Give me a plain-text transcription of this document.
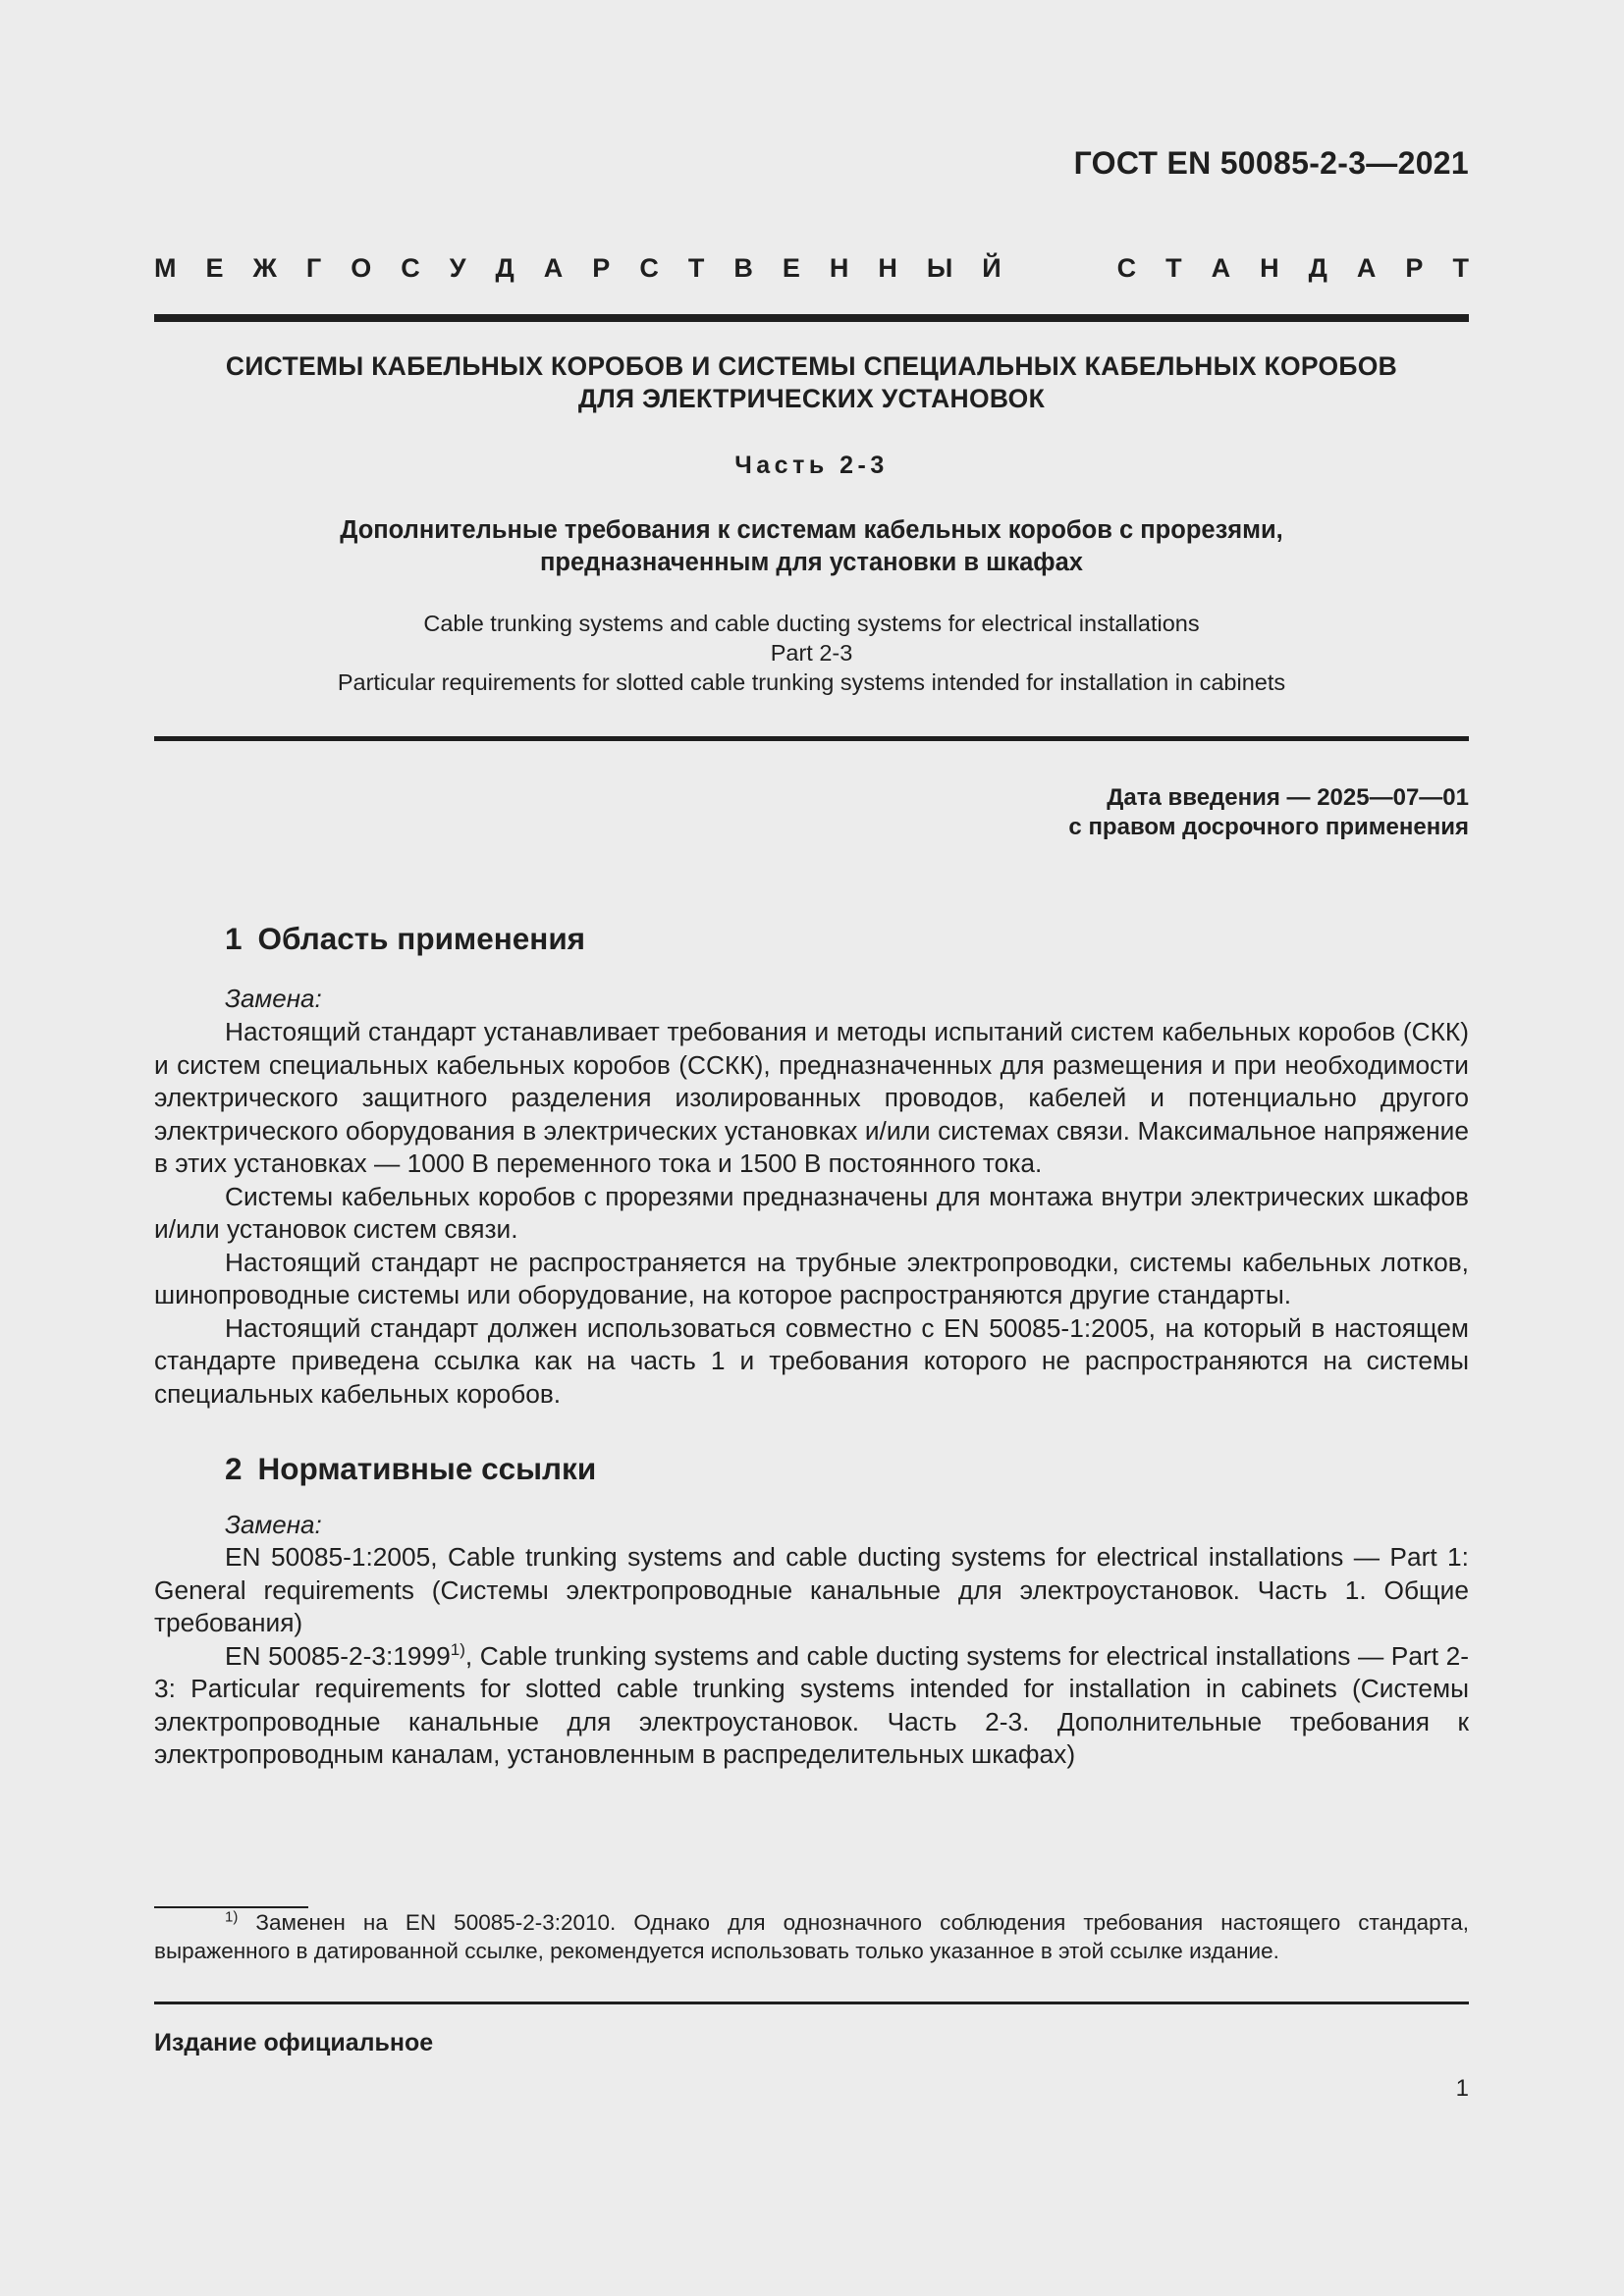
ГОСТ EN 50085-2-3—2021
М Е Ж Г О С У Д А Р С Т В Е Н Н Ы Й	С Т А Н Д А Р Т
СИСТЕМЫ КАБЕЛЬНЫХ КОРОБОВ И СИСТЕМЫ СПЕЦИАЛЬНЫХ КАБЕЛЬНЫХ КОРОБОВ
ДЛЯ ЭЛЕКТРИЧЕСКИХ УСТАНОВОК
Часть 2-3
Дополнительные требования к системам кабельных коробов с прорезями,
предназначенным для установки в шкафах
Cable trunking systems and cable ducting systems for electrical installations
Part 2-3
Particular requirements for slotted cable trunking systems intended for installation in cabinets
Дата введения — 2025—07—01
с правом досрочного применения
1 Область применения
Замена:

Настоящий стандарт устанавливает требования и методы испытаний систем кабельных коробов (СКК) и систем специальных кабельных коробов (ССКК), предназначенных для размещения и при необходимости электрического защитного разделения изолированных проводов, кабелей и потенциально другого электрического оборудования в электрических установках и/или системах связи. Максимальное напряжение в этих установках — 1000 В переменного тока и 1500 В постоянного тока.

Системы кабельных коробов с прорезями предназначены для монтажа внутри электрических шкафов и/или установок систем связи.

Настоящий стандарт не распространяется на трубные электропроводки, системы кабельных лотков, шинопроводные системы или оборудование, на которое распространяются другие стандарты.

Настоящий стандарт должен использоваться совместно с EN 50085-1:2005, на который в настоящем стандарте приведена ссылка как на часть 1 и требования которого не распространяются на системы специальных кабельных коробов.

2 Нормативные ссылки
Замена:

EN 50085-1:2005, Cable trunking systems and cable ducting systems for electrical installations — Part 1: General requirements (Системы электропроводные канальные для электроустановок. Часть 1. Общие требования)

EN 50085-2-3:1999$^{1)}$, Cable trunking systems and cable ducting systems for electrical installations — Part 2-3: Particular requirements for slotted cable trunking systems intended for installation in cabinets (Системы электропроводные канальные для электроустановок. Часть 2-3. Дополнительные требования к электропроводным каналам, установленным в распределительных шкафах)

$^{1)}$ Заменен на EN 50085-2-3:2010. Однако для однозначного соблюдения требования настоящего стандарта, выраженного в датированной ссылке, рекомендуется использовать только указанное в этой ссылке издание.

Издание официальное
1
